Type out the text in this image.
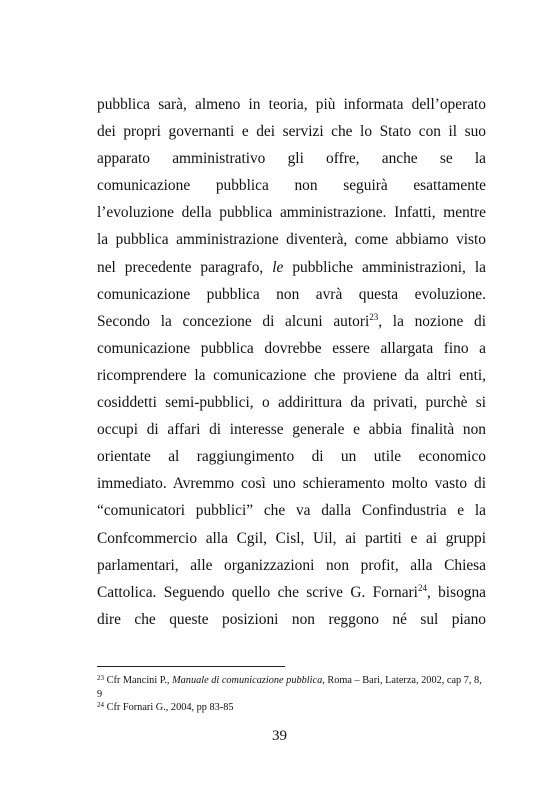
pubblica sarà, almeno in teoria, più informata dell’operato
dei propri governanti e dei servizi che lo Stato con il suo
apparato amministrativo gli offre, anche se la
comunicazione pubblica non seguirà esattamente
l’evoluzione della pubblica amministrazione. Infatti, mentre
la pubblica amministrazione diventerà, come abbiamo visto
nel precedente paragrafo, le pubbliche amministrazioni, la
comunicazione pubblica non avrà questa evoluzione.
Secondo la concezione di alcuni autori$^{23}$, la nozione di
comunicazione pubblica dovrebbe essere allargata fino a
ricomprendere la comunicazione che proviene da altri enti,
cosiddetti semi-pubblici, o addirittura da privati, purchè si
occupi di affari di interesse generale e abbia finalità non
orientate al raggiungimento di un utile economico
immediato. Avremmo così uno schieramento molto vasto di
“comunicatori pubblici” che va dalla Confindustria e la
Confcommercio alla Cgil, Cisl, Uil, ai partiti e ai gruppi
parlamentari, alle organizzazioni non profit, alla Chiesa
Cattolica. Seguendo quello che scrive G. Fornari$^{24}$, bisogna
dire che queste posizioni non reggono né sul piano
$^{23}$ Cfr Mancini P., Manuale di comunicazione pubblica, Roma – Bari, Laterza, 2002, cap 7, 8, 9
$^{24}$ Cfr Fornari G., 2004, pp 83-85
39
